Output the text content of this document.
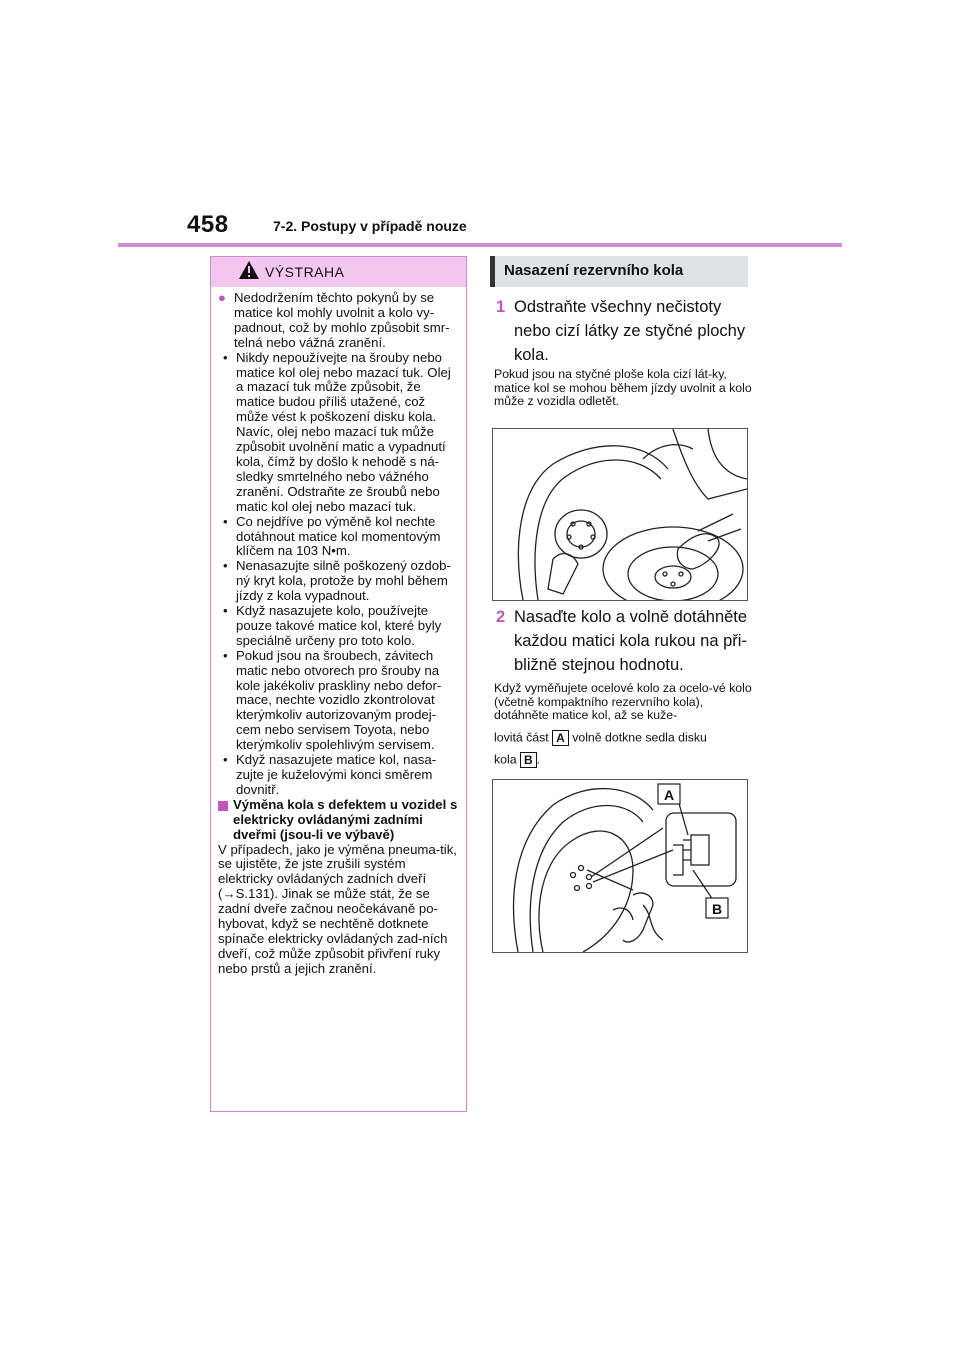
458	7-2. Postupy v případě nouze
VÝSTRAHA

● Nedodržením těchto pokynů by se matice kol mohly uvolnit a kolo vy-padnout, což by mohlo způsobit smr-telná nebo vážná zranění.

• Nikdy nepoužívejte na šrouby nebo matice kol olej nebo mazací tuk. Olej a mazací tuk může způsobit, že matice budou příliš utažené, což může vést k poškození disku kola. Navíc, olej nebo mazací tuk může způsobit uvolnění matic a vypadnutí kola, čímž by došlo k nehodě s ná-sledky smrtelného nebo vážného zranění. Odstraňte ze šroubů nebo matic kol olej nebo mazací tuk.

• Co nejdříve po výměně kol nechte dotáhnout matice kol momentovým klíčem na 103 N•m.

• Nenasazujte silně poškozený ozdob-ný kryt kola, protože by mohl během jízdy z kola vypadnout.

• Když nasazujete kolo, používejte pouze takové matice kol, které byly speciálně určeny pro toto kolo.

• Pokud jsou na šroubech, závitech matic nebo otvorech pro šrouby na kole jakékoliv praskliny nebo defor-mace, nechte vozidlo zkontrolovat kterýmkoliv autorizovaným prodej-cem nebo servisem Toyota, nebo kterýmkoliv spolehlivým servisem.

• Když nasazujete matice kol, nasa-zujte je kuželovými konci směrem dovnitř.

Výměna kola s defektem u vozidel s elektricky ovládanými zadními dveřmi (jsou-li ve výbavě)

V případech, jako je výměna pneuma-tik, se ujistěte, že jste zrušili systém elektricky ovládaných zadních dveří (→S.131). Jinak se může stát, že se zadní dveře začnou neočekávaně po-hybovat, když se nechtěně dotknete spínače elektricky ovládaných zad-ních dveří, což může způsobit přivření ruky nebo prstů a jejich zranění.

Nasazení rezervního kola
1 Odstraňte všechny nečistoty nebo cizí látky ze styčné plochy kola.
Pokud jsou na styčné ploše kola cizí lát-ky, matice kol se mohou během jízdy uvolnit a kolo může z vozidla odletět.
2 Nasaďte kolo a volně dotáhněte každou matici kola rukou na při-bližně stejnou hodnotu.
Když vyměňujete ocelové kolo za ocelo-vé kolo (včetně kompaktního rezervního kola), dotáhněte matice kol, až se kuže-
lovitá část A volně dotkne sedla disku
kola B .
A
B
